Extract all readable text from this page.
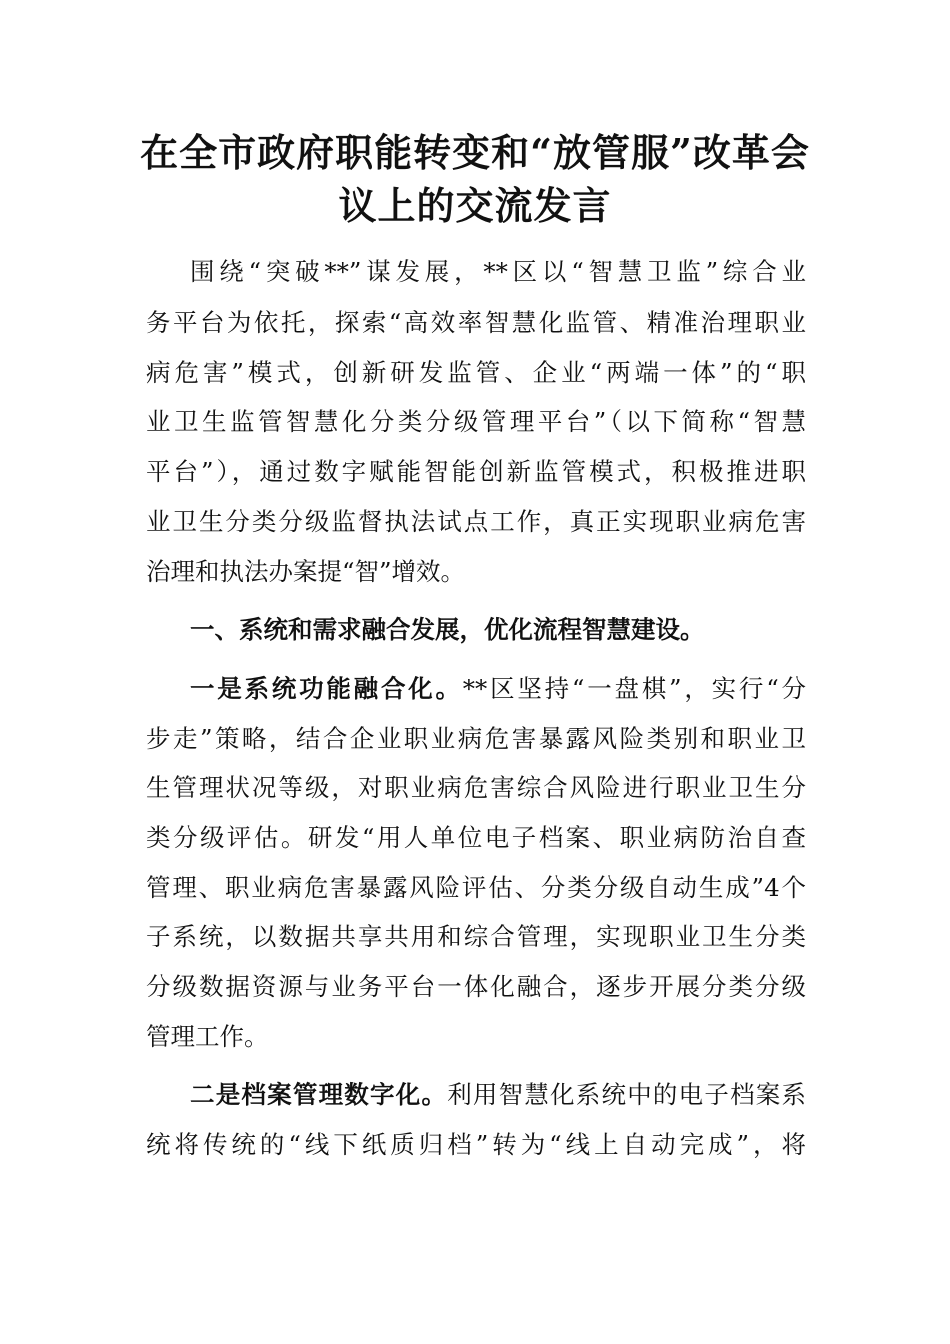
在全市政府职能转变和“放管服”改革会
议上的交流发言

围绕“突破**”谋发展，**区以“智慧卫监”综合业

务平台为依托，探索“高效率智慧化监管、精准治理职业

病危害”模式，创新研发监管、企业“两端一体”的“职

业卫生监管智慧化分类分级管理平台”（以下简称“智慧

平台”），通过数字赋能智能创新监管模式，积极推进职

业卫生分类分级监督执法试点工作，真正实现职业病危害

治理和执法办案提“智”增效。

一、系统和需求融合发展，优化流程智慧建设。

一是系统功能融合化。**区坚持“一盘棋”，实行“分

步走”策略，结合企业职业病危害暴露风险类别和职业卫

生管理状况等级，对职业病危害综合风险进行职业卫生分

类分级评估。研发“用人单位电子档案、职业病防治自查

管理、职业病危害暴露风险评估、分类分级自动生成”4个

子系统，以数据共享共用和综合管理，实现职业卫生分类

分级数据资源与业务平台一体化融合，逐步开展分类分级

管理工作。

二是档案管理数字化。利用智慧化系统中的电子档案系

统将传统的“线下纸质归档”转为“线上自动完成”，将
